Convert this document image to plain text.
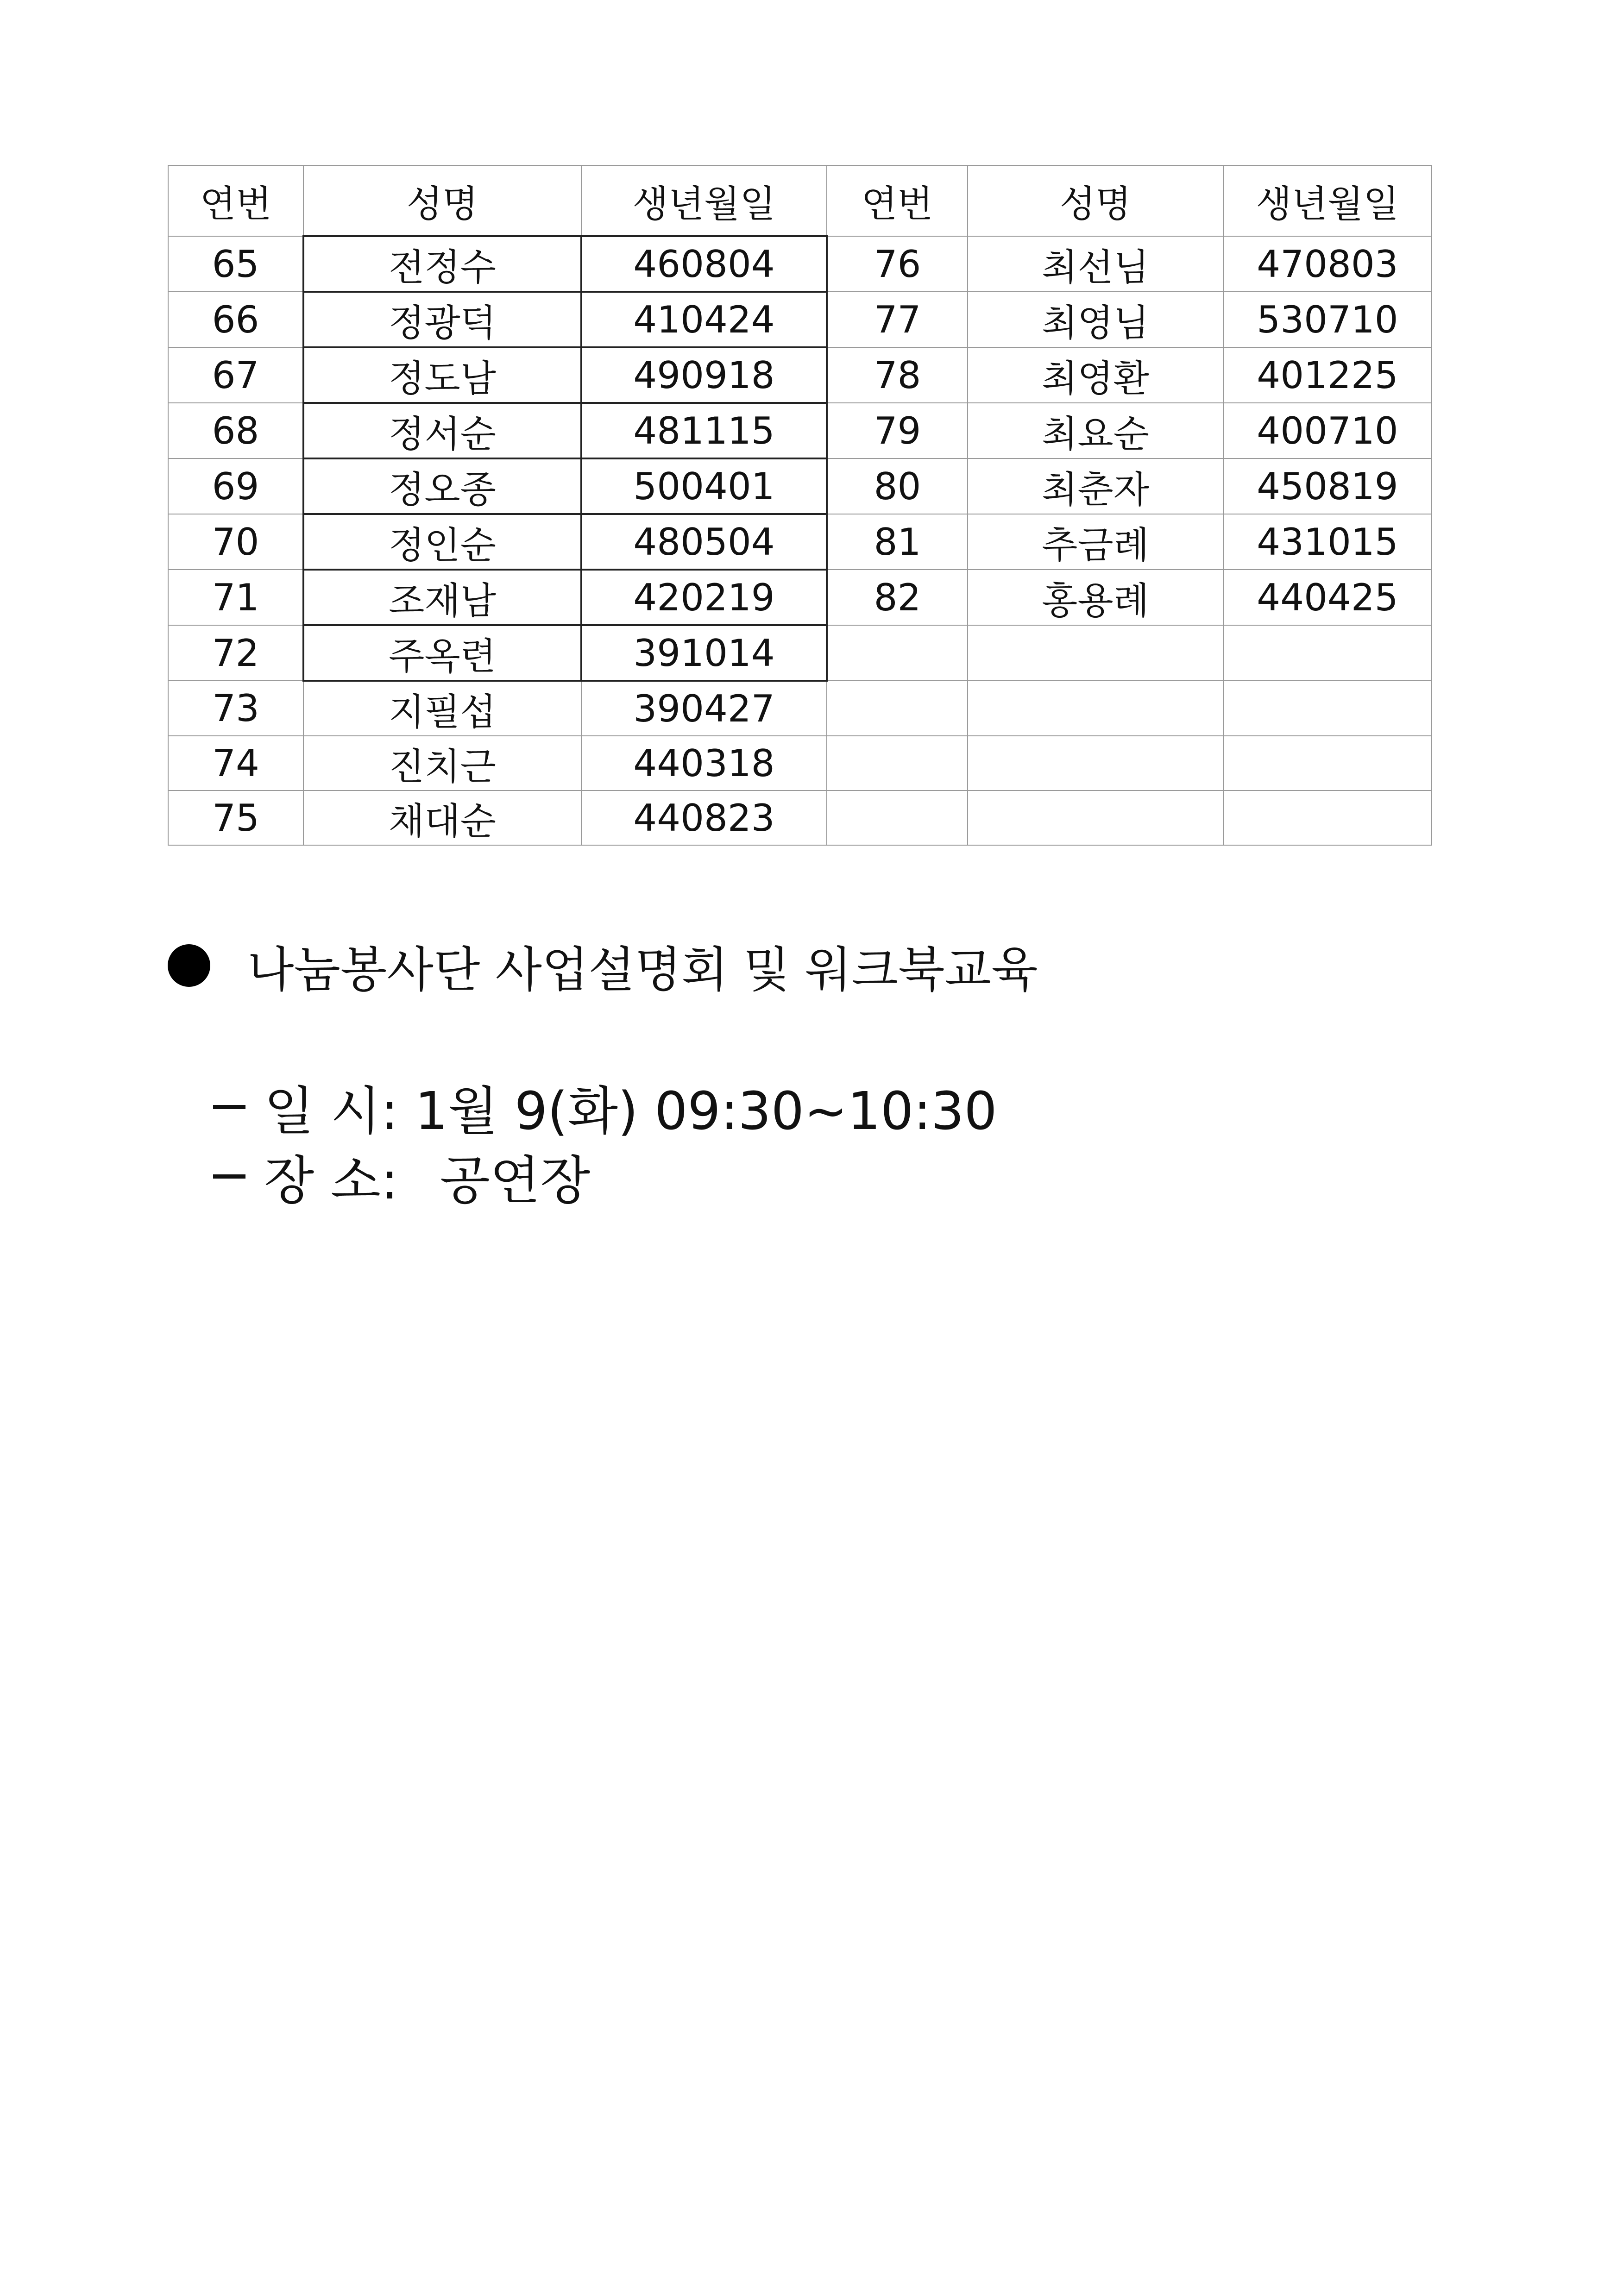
연번	성명	생년월일	연번	성명	생년월일
65	전정수	460804	76	최선님	470803
66	정광덕	410424	77	최영님	530710
67	정도남	490918	78	최영환	401225
68	정서순	481115	79	최요순	400710
69	정오종	500401	80	최춘자	450819
70	정인순	480504	81	추금례	431015
71	조재남	420219	82	홍용례	440425
72	주옥련	391014			
73	지필섭	390427			
74	진치근	440318			
75	채대순	440823			
나눔봉사단 사업설명회 및 워크북교육
일 시: 1월 9(화) 09:30~10:30
장 소: 공연장
